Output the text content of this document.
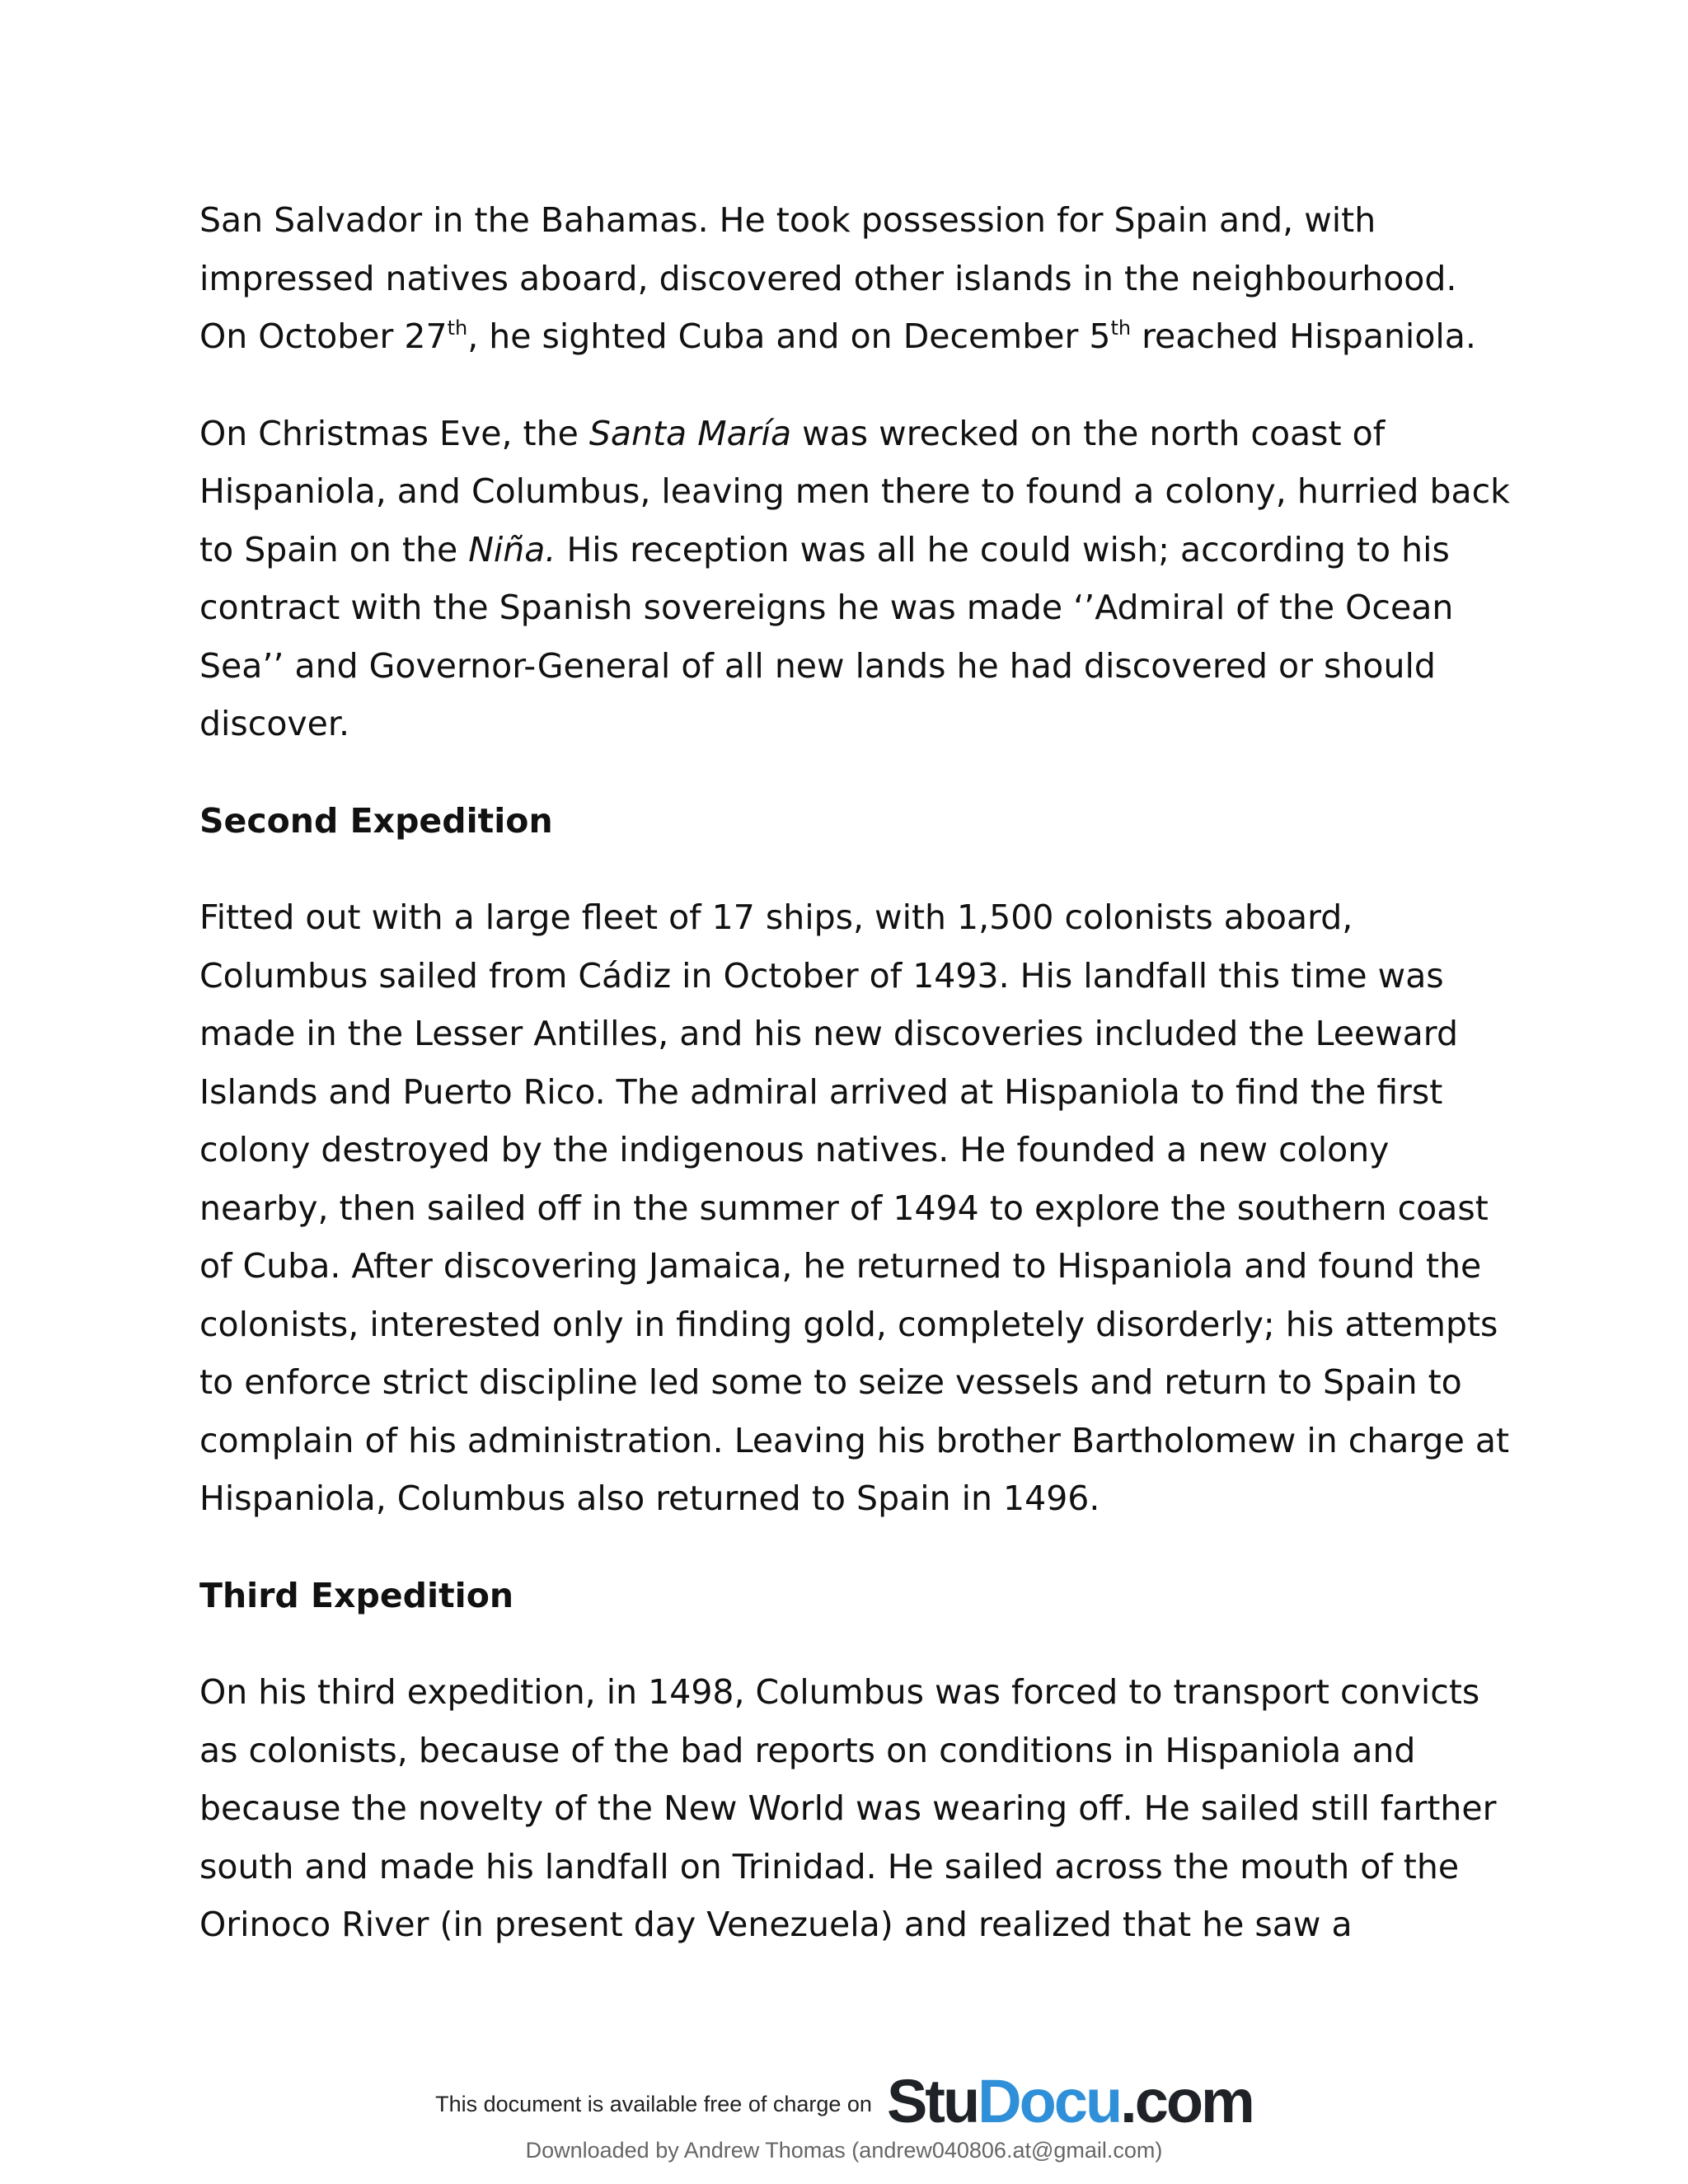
San Salvador in the Bahamas. He took possession for Spain and, with
impressed natives aboard, discovered other islands in the neighbourhood.
On October 27th, he sighted Cuba and on December 5th reached Hispaniola.

On Christmas Eve, the Santa María was wrecked on the north coast of
Hispaniola, and Columbus, leaving men there to found a colony, hurried back
to Spain on the Niña. His reception was all he could wish; according to his
contract with the Spanish sovereigns he was made ‘’Admiral of the Ocean
Sea’’ and Governor-General of all new lands he had discovered or should
discover.

Second Expedition

Fitted out with a large fleet of 17 ships, with 1,500 colonists aboard,
Columbus sailed from Cádiz in October of 1493. His landfall this time was
made in the Lesser Antilles, and his new discoveries included the Leeward
Islands and Puerto Rico. The admiral arrived at Hispaniola to find the first
colony destroyed by the indigenous natives. He founded a new colony
nearby, then sailed off in the summer of 1494 to explore the southern coast
of Cuba. After discovering Jamaica, he returned to Hispaniola and found the
colonists, interested only in finding gold, completely disorderly; his attempts
to enforce strict discipline led some to seize vessels and return to Spain to
complain of his administration. Leaving his brother Bartholomew in charge at
Hispaniola, Columbus also returned to Spain in 1496.

Third Expedition

On his third expedition, in 1498, Columbus was forced to transport convicts
as colonists, because of the bad reports on conditions in Hispaniola and
because the novelty of the New World was wearing off. He sailed still farther
south and made his landfall on Trinidad. He sailed across the mouth of the
Orinoco River (in present day Venezuela) and realized that he saw a

This document is available free of charge on StuDocu.com
Downloaded by Andrew Thomas (andrew040806.at@gmail.com)
